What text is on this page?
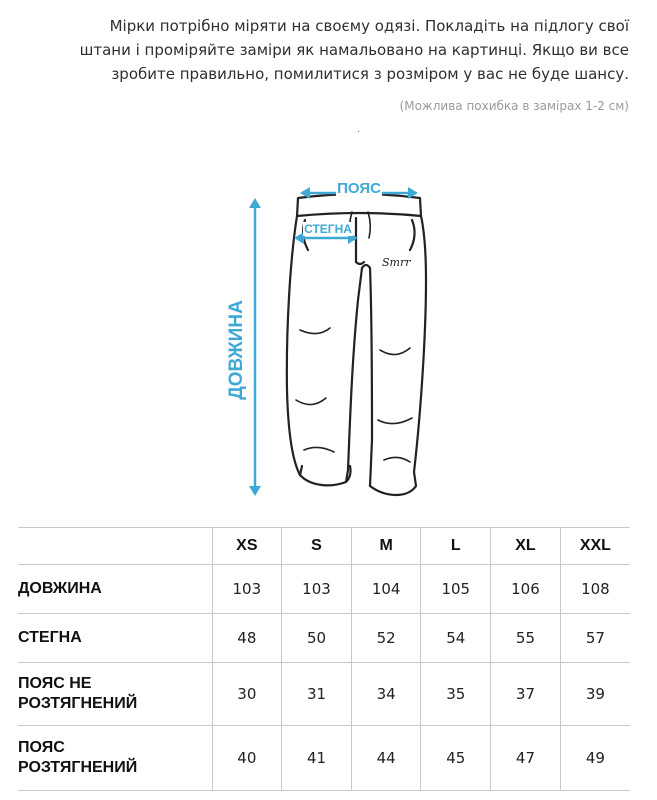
Мірки потрібно міряти на своєму одязі. Покладіть на підлогу свої
штани і проміряйте заміри як намальовано на картинці. Якщо ви все
зробите правильно, помилитися з розміром у вас не буде шансу.
(Можлива похибка в замірах 1-2 см)
.
Smrr
ПОЯС
СТЕГНА
ДОВЖИНА
	XS	S	M	L	XL	XXL
ДОВЖИНА	103	103	104	105	106	108
СТЕГНА	48	50	52	54	55	57

ПОЯС НЕ
РОЗТЯГНЕНИЙ	30	31	34	35	37	39

ПОЯС
РОЗТЯГНЕНИЙ	40	41	44	45	47	49
